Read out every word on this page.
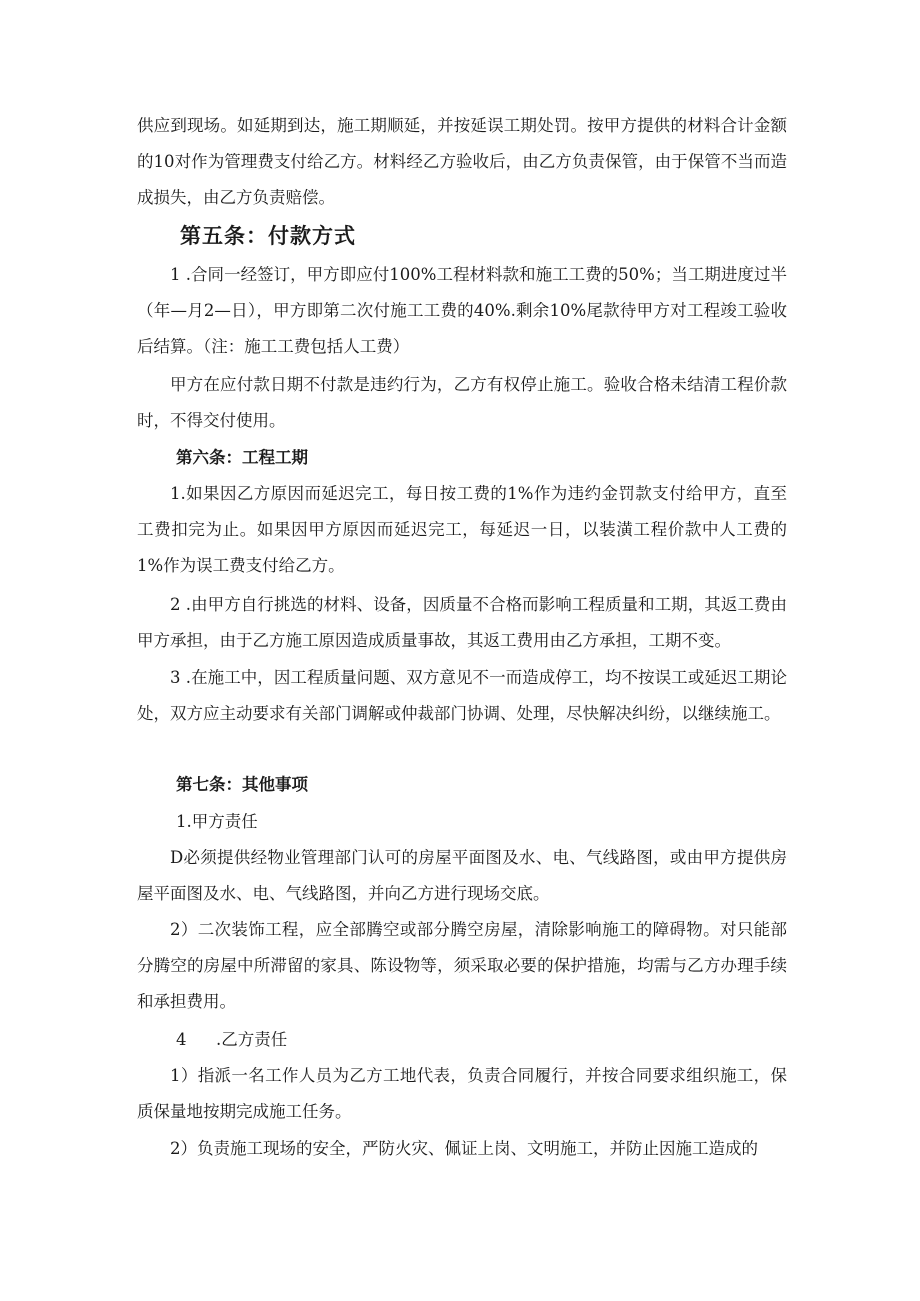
供应到现场。如延期到达，施工期顺延，并按延误工期处罚。按甲方提供的材料合计金额的10对作为管理费支付给乙方。材料经乙方验收后，由乙方负责保管，由于保管不当而造成损失，由乙方负责赔偿。

第五条：付款方式

1 .合同一经签订，甲方即应付100%工程材料款和施工工费的50%；当工期进度过半（年—月2—日），甲方即第二次付施工工费的40%.剩余10%尾款待甲方对工程竣工验收后结算。（注：施工工费包括人工费）

甲方在应付款日期不付款是违约行为，乙方有权停止施工。验收合格未结清工程价款时，不得交付使用。

第六条：工程工期

1.如果因乙方原因而延迟完工，每日按工费的1%作为违约金罚款支付给甲方，直至工费扣完为止。如果因甲方原因而延迟完工，每延迟一日，以装潢工程价款中人工费的1%作为误工费支付给乙方。

2 .由甲方自行挑选的材料、设备，因质量不合格而影响工程质量和工期，其返工费由甲方承担，由于乙方施工原因造成质量事故，其返工费用由乙方承担，工期不变。

3 .在施工中，因工程质量问题、双方意见不一而造成停工，均不按误工或延迟工期论处，双方应主动要求有关部门调解或仲裁部门协调、处理，尽快解决纠纷，以继续施工。

第七条：其他事项

1.甲方责任

D必须提供经物业管理部门认可的房屋平面图及水、电、气线路图，或由甲方提供房屋平面图及水、电、气线路图，并向乙方进行现场交底。

2）二次装饰工程，应全部腾空或部分腾空房屋，清除影响施工的障碍物。对只能部分腾空的房屋中所滞留的家具、陈设物等，须采取必要的保护措施，均需与乙方办理手续和承担费用。

4 .乙方责任

1）指派一名工作人员为乙方工地代表，负责合同履行，并按合同要求组织施工，保质保量地按期完成施工任务。

2）负责施工现场的安全，严防火灾、佩证上岗、文明施工，并防止因施工造成的
